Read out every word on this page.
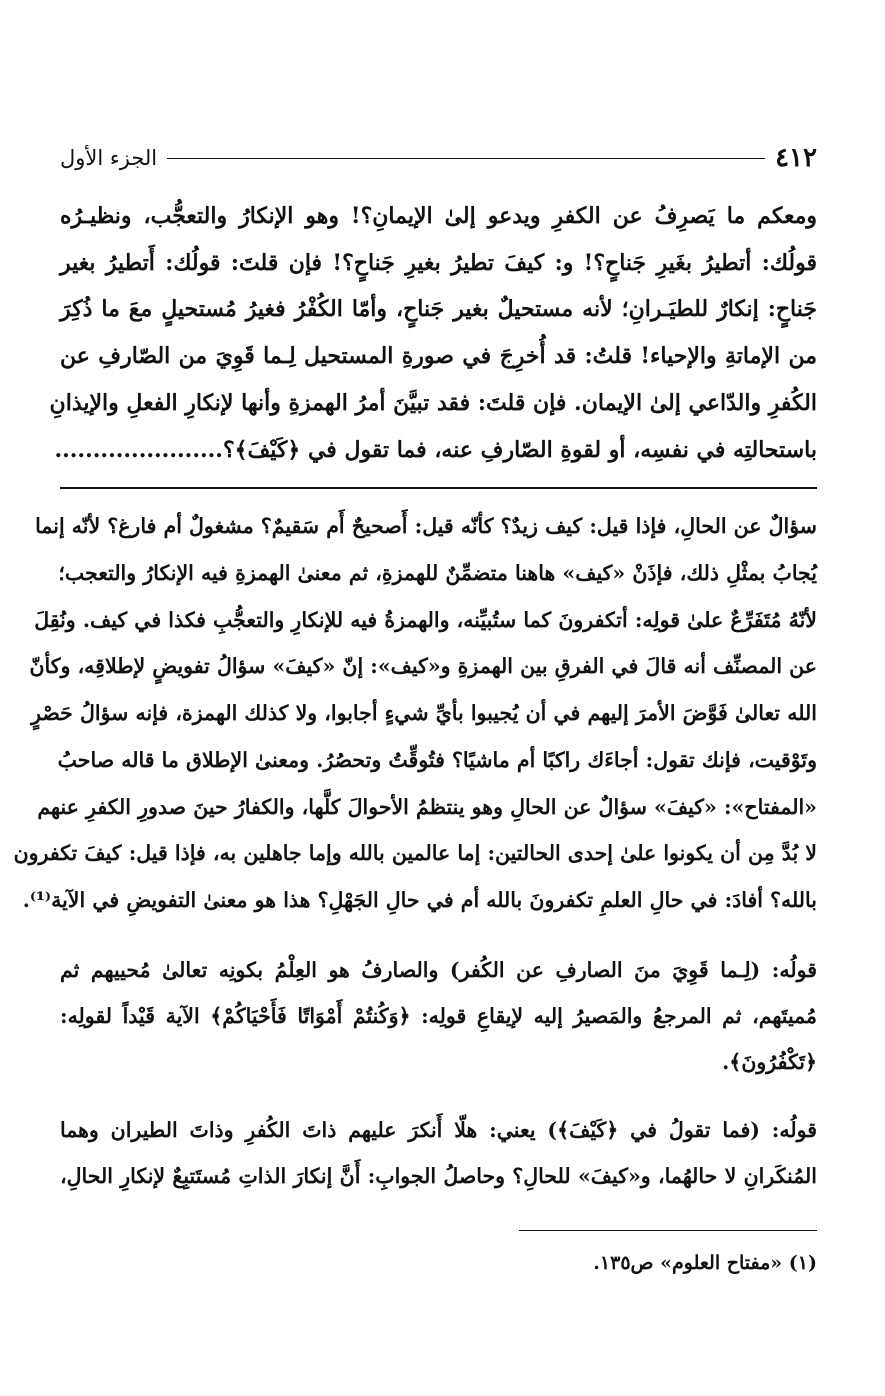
٤١٢
الجزء الأول
ومعكم ما يَصرِفُ عن الكفرِ ويدعو إلىٰ الإيمانِ؟! وهو الإنكارُ والتعجُّب، ونظيـرُه
قولُك: أتطيرُ بغَيرِ جَناحٍ؟! و: كيفَ تطيرُ بغيرِ جَناحٍ؟! فإن قلتَ: قولُك: أَتطيرُ بغير
جَناحٍ: إنكارٌ للطيَـرانِ؛ لأنه مستحيلٌ بغير جَناحٍ، وأمّا الكُفْرُ فغيرُ مُستحيلٍ معَ ما ذُكِرَ
من الإماتةِ والإحياء! قلتُ: قد أُخرِجَ في صورةِ المستحيل لِـما قَوِيَ من الصّارفِ عن
الكُفرِ والدّاعي إلىٰ الإيمان. فإن قلتَ: فقد تبيَّنَ أمرُ الهمزةِ وأنها لإنكارِ الفعلِ والإيذانِ
باستحالتِه في نفسِه، أو لقوةِ الصّارفِ عنه، فما تقول في ﴿كَيْفَ﴾؟......................
سؤالٌ عن الحالِ، فإذا قيل: كيف زيدٌ؟ كأنّه قيل: أَصحيحٌ أَم سَقيمٌ؟ مشغولٌ أم فارغ؟ لأنّه إنما
يُجابُ بمثْلِ ذلك، فإذَنْ «كيف» هاهنا متضمِّنٌ للهمزةِ، ثم معنىٰ الهمزةِ فيه الإنكارُ والتعجب؛
لأنّهُ مُتَفَرِّعٌ علىٰ قولِه: أتكفرونَ كما ستُبيِّنه، والهمزةُ فيه للإنكارِ والتعجُّبِ فكذا في كيف. ونُقِلَ
عن المصنِّف أنه قالَ في الفرقِ بين الهمزةِ و«كيف»: إنّ «كيفَ» سؤالُ تفويضٍ لإطلاقِه، وكأنّ
الله تعالىٰ فَوَّضَ الأمرَ إليهم في أن يُجيبوا بأيِّ شيءٍ أجابوا، ولا كذلك الهمزة، فإنه سؤالُ حَصْرٍ
وتَوْقيت، فإنك تقول: أجاءَك راكبًا أم ماشيًا؟ فتُوقِّتُ وتحصُرُ. ومعنىٰ الإطلاق ما قاله صاحبُ
«المفتاح»: «كيفَ» سؤالٌ عن الحالِ وهو ينتظمُ الأحوالَ كلَّها، والكفارُ حينَ صدورِ الكفرِ عنهم
لا بُدَّ مِن أن يكونوا علىٰ إحدى الحالتين: إما عالمين بالله وإما جاهلين به، فإذا قيل: كيفَ تكفرون
بالله؟ أفادَ: في حالِ العلمِ تكفرونَ بالله أم في حالِ الجَهْلِ؟ هذا هو معنىٰ التفويضِ في الآية⁽¹⁾.
قولُه: (لِـما قَوِيَ منَ الصارفِ عن الكُفر) والصارفُ هو العِلْمُ بكونِه تعالىٰ مُحييهم ثم
مُميتَهم، ثم المرجعُ والمَصيرُ إليه لإيقاعِ قولِه: ﴿وَكُنتُمْ أَمْوَاتًا فَأَحْيَاكُمْ﴾ الآية قَيْداً لقولِه:
﴿تَكْفُرُونَ﴾.
قولُه: (فما تقولُ في ﴿كَيْفَ﴾) يعني: هلّا أَنكرَ عليهم ذاتَ الكُفرِ وذاتَ الطيران وهما
المُنكَرانِ لا حالهُما، و«كيفَ» للحالِ؟ وحاصلُ الجوابِ: أَنَّ إنكارَ الذاتِ مُستَتبِعٌ لإنكارِ الحالِ،
(١) «مفتاح العلوم» ص١٣٥.
